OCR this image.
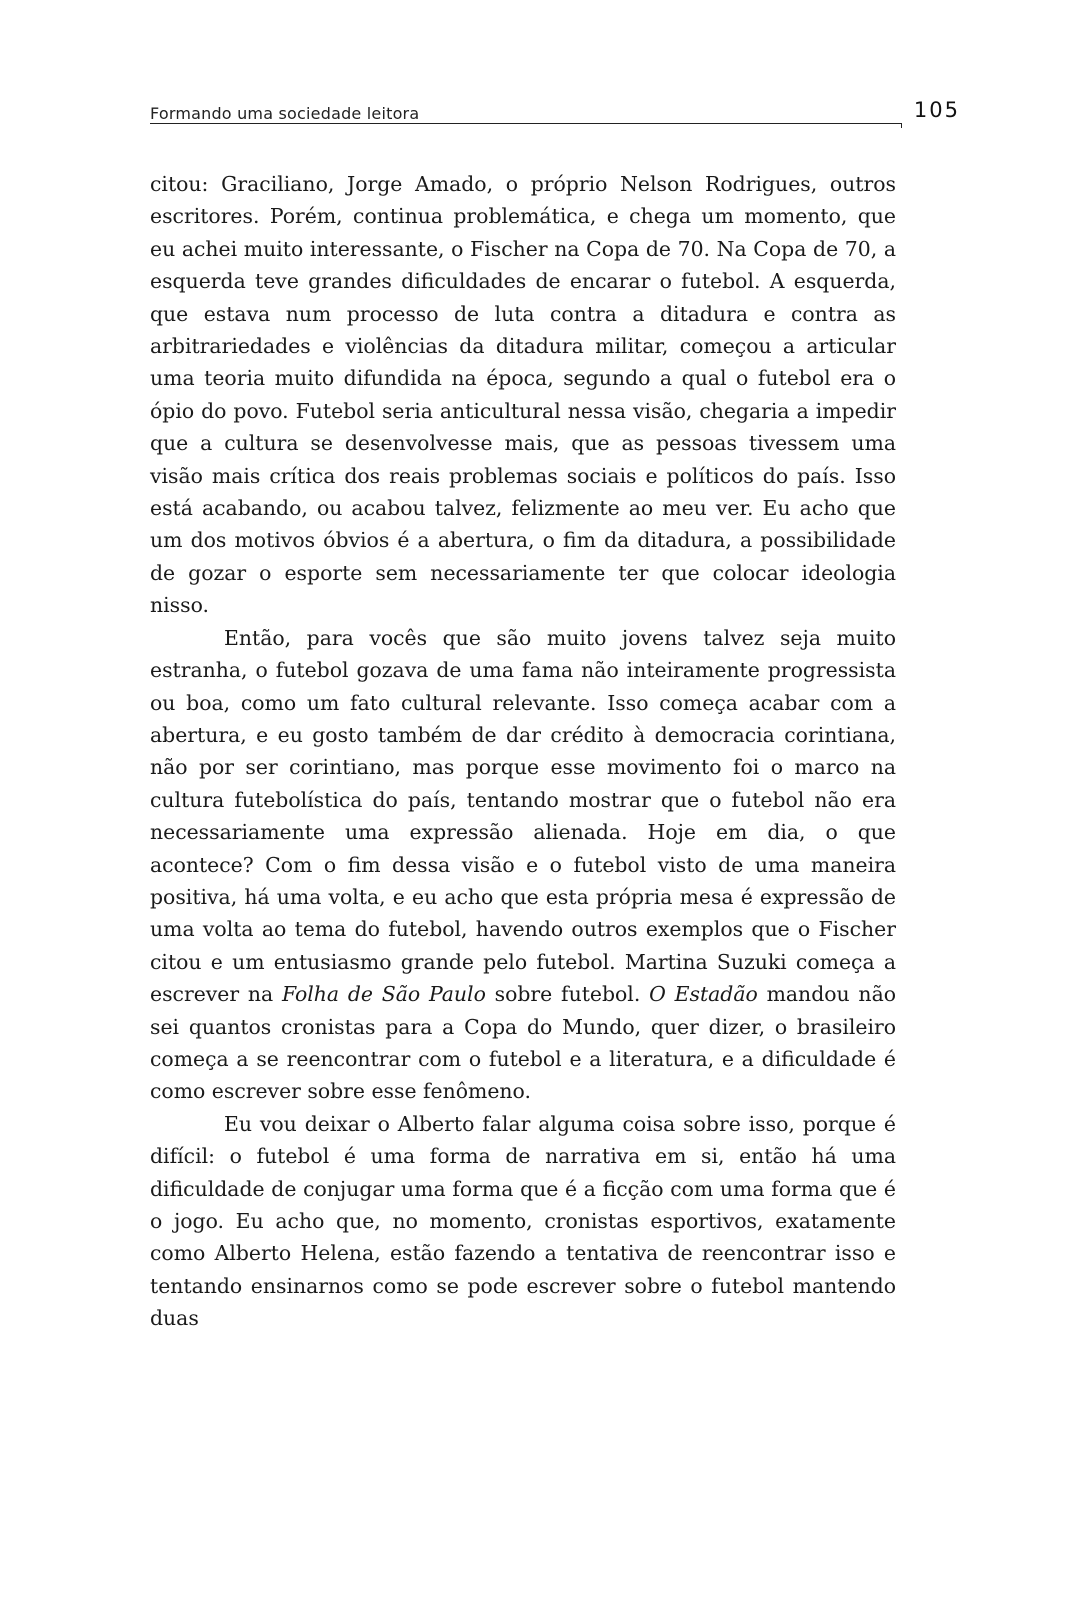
Formando uma sociedade leitora	105

citou: Graciliano, Jorge Amado, o próprio Nelson Rodrigues, outros escritores. Porém, continua problemática, e chega um momento, que eu achei muito interessante, o Fischer na Copa de 70. Na Copa de 70, a esquerda teve grandes dificuldades de encarar o futebol. A esquerda, que estava num processo de luta contra a ditadura e contra as arbitrariedades e violências da ditadura militar, começou a articular uma teoria muito difundida na época, segundo a qual o futebol era o ópio do povo. Futebol seria anticultural nessa visão, chegaria a impedir que a cultura se desenvolvesse mais, que as pessoas tivessem uma visão mais crítica dos reais problemas sociais e políticos do país. Isso está acabando, ou acabou talvez, felizmente ao meu ver. Eu acho que um dos motivos óbvios é a abertura, o fim da ditadura, a possibilidade de gozar o esporte sem necessariamente ter que colocar ideologia nisso.

Então, para vocês que são muito jovens talvez seja muito estranha, o futebol gozava de uma fama não inteiramente progressista ou boa, como um fato cultural relevante. Isso começa acabar com a abertura, e eu gosto também de dar crédito à democracia corintiana, não por ser corintiano, mas porque esse movimento foi o marco na cultura futebolística do país, tentando mostrar que o futebol não era necessariamente uma expressão alienada. Hoje em dia, o que acontece? Com o fim dessa visão e o futebol visto de uma maneira positiva, há uma volta, e eu acho que esta própria mesa é expressão de uma volta ao tema do futebol, havendo outros exemplos que o Fischer citou e um entusiasmo grande pelo futebol. Martina Suzuki começa a escrever na Folha de São Paulo sobre futebol. O Estadão mandou não sei quantos cronistas para a Copa do Mundo, quer dizer, o brasileiro começa a se reencontrar com o futebol e a literatura, e a dificuldade é como escrever sobre esse fenômeno.

Eu vou deixar o Alberto falar alguma coisa sobre isso, porque é difícil: o futebol é uma forma de narrativa em si, então há uma dificuldade de conjugar uma forma que é a ficção com uma forma que é o jogo. Eu acho que, no momento, cronistas esportivos, exatamente como Alberto Helena, estão fazendo a tentativa de reencontrar isso e tentando ensinarnos como se pode escrever sobre o futebol mantendo duas
